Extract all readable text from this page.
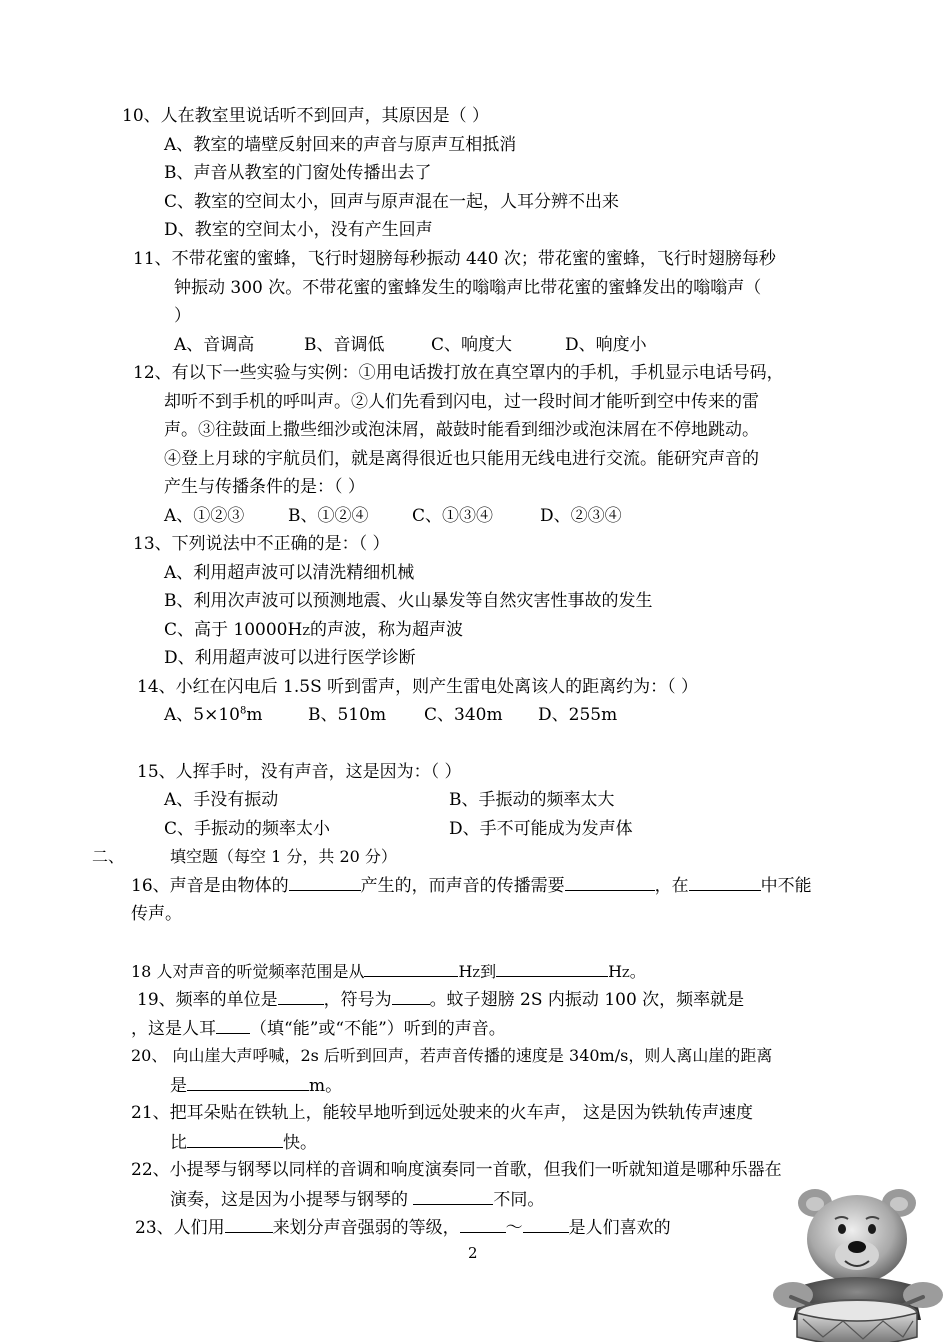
10、人在教室里说话听不到回声，其原因是（ ）
A、教室的墙壁反射回来的声音与原声互相抵消
B、声音从教室的门窗处传播出去了
C、教室的空间太小，回声与原声混在一起，人耳分辨不出来
D、教室的空间太小，没有产生回声
11、不带花蜜的蜜蜂，飞行时翅膀每秒振动 440 次；带花蜜的蜜蜂，飞行时翅膀每秒
钟振动 300 次。不带花蜜的蜜蜂发生的嗡嗡声比带花蜜的蜜蜂发出的嗡嗡声（
）
A、音调高	B、音调低	C、响度大	D、响度小
12、有以下一些实验与实例：①用电话拨打放在真空罩内的手机，手机显示电话号码，
却听不到手机的呼叫声。②人们先看到闪电，过一段时间才能听到空中传来的雷
声。③往鼓面上撒些细沙或泡沫屑，敲鼓时能看到细沙或泡沫屑在不停地跳动。
④登上月球的宇航员们，就是离得很近也只能用无线电进行交流。能研究声音的
产生与传播条件的是：（ ）
A、①②③	B、①②④	C、①③④	D、②③④
13、下列说法中不正确的是：（ ）
A、利用超声波可以清洗精细机械
B、利用次声波可以预测地震、火山暴发等自然灾害性事故的发生
C、高于 10000HZ的声波，称为超声波
D、利用超声波可以进行医学诊断
14、小红在闪电后 1.5S 听到雷声，则产生雷电处离该人的距离约为：（ ）
A、$5\times 10^8m$	B、510m C、340m D、255m
15、人挥手时，没有声音，这是因为：（ ）
A、手没有振动	B、手振动的频率太大
C、手振动的频率太小	D、手不可能成为发声体
二、	填空题（每空 1 分，共 20 分）
16、声音是由物体的	产生的，而声音的传播需要	，在	中不能
传声。
18 人对声音的听觉频率范围是从	HZ到	HZ。
19、频率的单位是	，符号为 。蚊子翅膀 2S 内振动 100 次，频率就是
，这是人耳 （填“能”或“不能”）听到的声音。
20、 向山崖大声呼喊，2s 后听到回声，若声音传播的速度是 340m/s，则人离山崖的距离
是	m。
21、把耳朵贴在铁轨上，能较早地听到远处驶来的火车声， 这是因为铁轨传声速度
比	快。
22、小提琴与钢琴以同样的音调和响度演奏同一首歌，但我们一听就知道是哪种乐器在
演奏，这是因为小提琴与钢琴的	不同。
23、人们用	来划分声音强弱的等级，	～	是人们喜欢的
2
